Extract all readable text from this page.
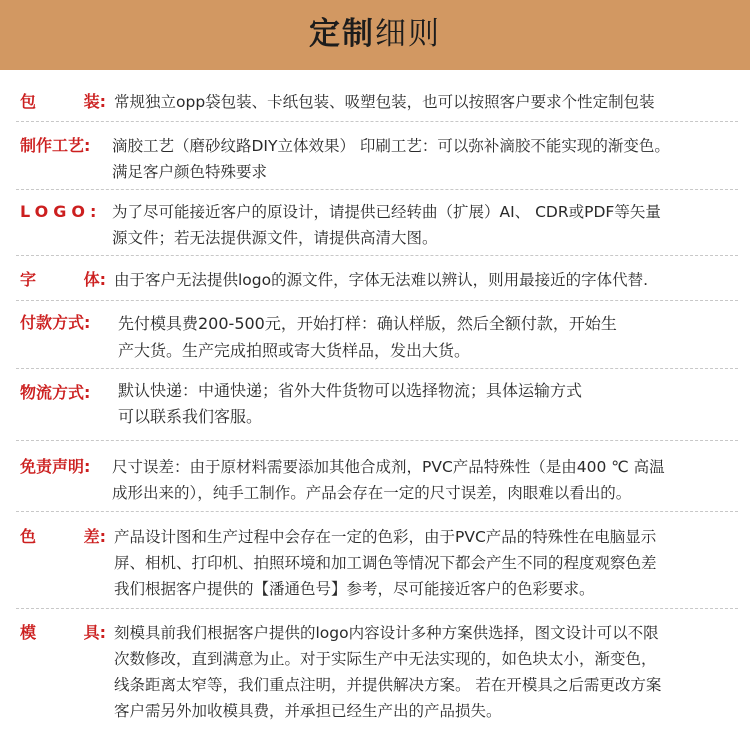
定制细则
包	装: 常规独立opp袋包装、卡纸包装、吸塑包装，也可以按照客户要求个性定制包装
制作工艺: 滴胶工艺（磨砂纹路DIY立体效果） 印刷工艺：可以弥补滴胶不能实现的渐变色。
满足客户颜色特殊要求
LOGO: 为了尽可能接近客户的原设计，请提供已经转曲（扩展）AI、 CDR或PDF等矢量
源文件；若无法提供源文件，请提供高清大图。
字	体: 由于客户无法提供logo的源文件，字体无法难以辨认，则用最接近的字体代替.
付款方式: 先付模具费200-500元，开始打样：确认样版，然后全额付款，开始生
产大货。生产完成拍照或寄大货样品，发出大货。
物流方式: 默认快递：中通快递；省外大件货物可以选择物流；具体运输方式
可以联系我们客服。
免责声明: 尺寸误差：由于原材料需要添加其他合成剂，PVC产品特殊性（是由400 ℃ 高温
成形出来的），纯手工制作。产品会存在一定的尺寸误差，肉眼难以看出的。
色	差: 产品设计图和生产过程中会存在一定的色彩，由于PVC产品的特殊性在电脑显示
屏、相机、打印机、拍照环境和加工调色等情况下都会产生不同的程度观察色差
我们根据客户提供的【潘通色号】参考，尽可能接近客户的色彩要求。
模	具: 刻模具前我们根据客户提供的logo内容设计多种方案供选择，图文设计可以不限
次数修改，直到满意为止。对于实际生产中无法实现的，如色块太小，渐变色，
线条距离太窄等，我们重点注明，并提供解决方案。 若在开模具之后需更改方案
客户需另外加收模具费，并承担已经生产出的产品损失。
